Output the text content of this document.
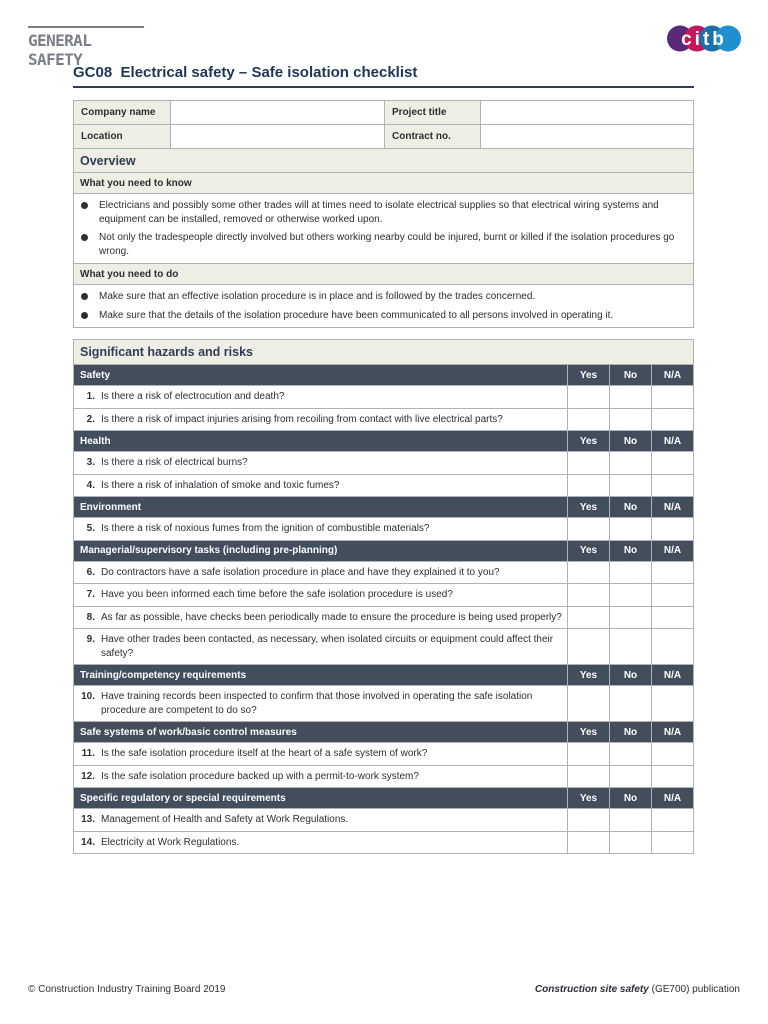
GENERAL SAFETY
citb
GC08 Electrical safety – Safe isolation checklist
Company name	Project title
Location	Contract no.
Overview
What you need to know
Electricians and possibly some other trades will at times need to isolate electrical supplies so that electrical wiring systems and equipment can be installed, removed or otherwise worked upon.
Not only the tradespeople directly involved but others working nearby could be injured, burnt or killed if the isolation procedures go wrong.
What you need to do
Make sure that an effective isolation procedure is in place and is followed by the trades concerned.
Make sure that the details of the isolation procedure have been communicated to all persons involved in operating it.
Significant hazards and risks
Safety	Yes	No	N/A
1. Is there a risk of electrocution and death?
2. Is there a risk of impact injuries arising from recoiling from contact with live electrical parts?
Health	Yes	No	N/A
3. Is there a risk of electrical burns?
4. Is there a risk of inhalation of smoke and toxic fumes?
Environment	Yes	No	N/A
5. Is there a risk of noxious fumes from the ignition of combustible materials?
Managerial/supervisory tasks (including pre-planning)	Yes	No	N/A
6. Do contractors have a safe isolation procedure in place and have they explained it to you?
7. Have you been informed each time before the safe isolation procedure is used?
8. As far as possible, have checks been periodically made to ensure the procedure is being used properly?
9. Have other trades been contacted, as necessary, when isolated circuits or equipment could affect their safety?
Training/competency requirements	Yes	No	N/A
10. Have training records been inspected to confirm that those involved in operating the safe isolation procedure are competent to do so?
Safe systems of work/basic control measures	Yes	No	N/A
11. Is the safe isolation procedure itself at the heart of a safe system of work?
12. Is the safe isolation procedure backed up with a permit-to-work system?
Specific regulatory or special requirements	Yes	No	N/A
13. Management of Health and Safety at Work Regulations.
14. Electricity at Work Regulations.
© Construction Industry Training Board 2019	Construction site safety (GE700) publication
